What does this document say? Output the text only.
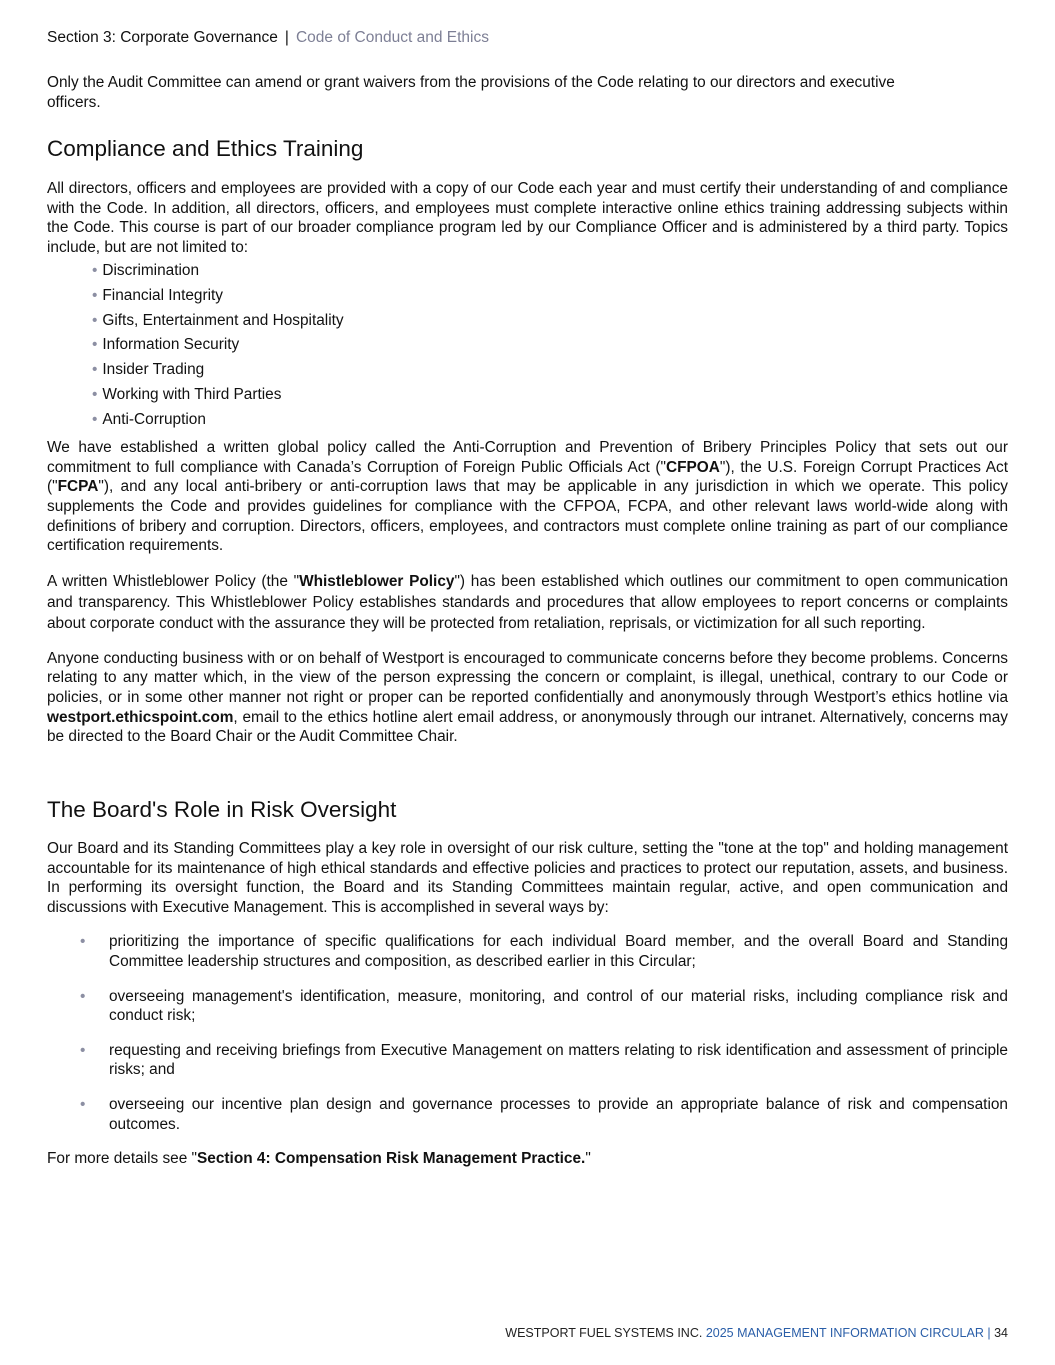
Section 3: Corporate Governance | Code of Conduct and Ethics

Only the Audit Committee can amend or grant waivers from the provisions of the Code relating to our directors and executive officers.

Compliance and Ethics Training

All directors, officers and employees are provided with a copy of our Code each year and must certify their understanding of and compliance with the Code. In addition, all directors, officers, and employees must complete interactive online ethics training addressing subjects within the Code. This course is part of our broader compliance program led by our Compliance Officer and is administered by a third party. Topics include, but are not limited to:

• Discrimination
• Financial Integrity
• Gifts, Entertainment and Hospitality
• Information Security
• Insider Trading
• Working with Third Parties
• Anti-Corruption

We have established a written global policy called the Anti-Corruption and Prevention of Bribery Principles Policy that sets out our commitment to full compliance with Canada’s Corruption of Foreign Public Officials Act ("CFPOA"), the U.S. Foreign Corrupt Practices Act ("FCPA"), and any local anti-bribery or anti-corruption laws that may be applicable in any jurisdiction in which we operate. This policy supplements the Code and provides guidelines for compliance with the CFPOA, FCPA, and other relevant laws world-wide along with definitions of bribery and corruption. Directors, officers, employees, and contractors must complete online training as part of our compliance certification requirements.

A written Whistleblower Policy (the "Whistleblower Policy") has been established which outlines our commitment to open communication and transparency. This Whistleblower Policy establishes standards and procedures that allow employees to report concerns or complaints about corporate conduct with the assurance they will be protected from retaliation, reprisals, or victimization for all such reporting.

Anyone conducting business with or on behalf of Westport is encouraged to communicate concerns before they become problems. Concerns relating to any matter which, in the view of the person expressing the concern or complaint, is illegal, unethical, contrary to our Code or policies, or in some other manner not right or proper can be reported confidentially and anonymously through Westport’s ethics hotline via westport.ethicspoint.com, email to the ethics hotline alert email address, or anonymously through our intranet. Alternatively, concerns may be directed to the Board Chair or the Audit Committee Chair.

The Board's Role in Risk Oversight

Our Board and its Standing Committees play a key role in oversight of our risk culture, setting the "tone at the top" and holding management accountable for its maintenance of high ethical standards and effective policies and practices to protect our reputation, assets, and business. In performing its oversight function, the Board and its Standing Committees maintain regular, active, and open communication and discussions with Executive Management. This is accomplished in several ways by:

• prioritizing the importance of specific qualifications for each individual Board member, and the overall Board and Standing Committee leadership structures and composition, as described earlier in this Circular;
• overseeing management's identification, measure, monitoring, and control of our material risks, including compliance risk and conduct risk;
• requesting and receiving briefings from Executive Management on matters relating to risk identification and assessment of principle risks; and
• overseeing our incentive plan design and governance processes to provide an appropriate balance of risk and compensation outcomes.

For more details see "Section 4: Compensation Risk Management Practice."

WESTPORT FUEL SYSTEMS INC. 2025 MANAGEMENT INFORMATION CIRCULAR | 34
